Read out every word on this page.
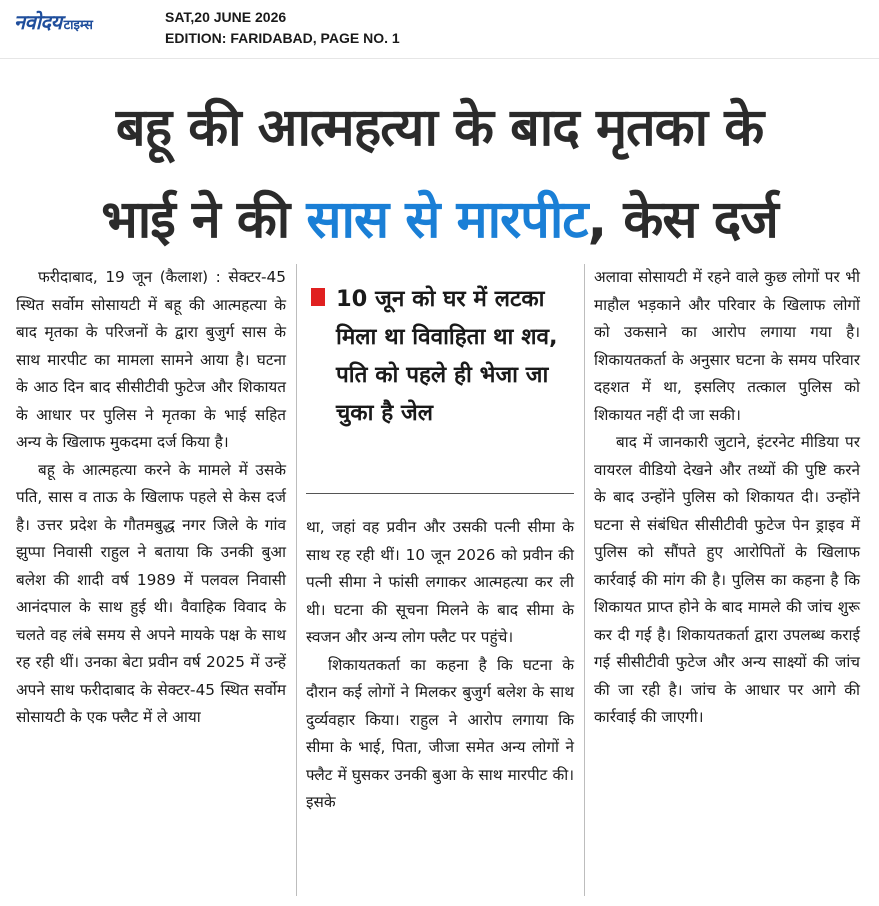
नवोदय टाइम्स
SAT,20 JUNE 2026
EDITION: FARIDABAD, PAGE NO. 1
बहू की आत्महत्या के बाद मृतका के
भाई ने की सास से मारपीट, केस दर्ज

फरीदाबाद, 19 जून (कैलाश) : सेक्टर-45 स्थित सर्वोम सोसायटी में बहू की आत्महत्या के बाद मृतका के परिजनों के द्वारा बुजुर्ग सास के साथ मारपीट का मामला सामने आया है। घटना के आठ दिन बाद सीसीटीवी फुटेज और शिकायत के आधार पर पुलिस ने मृतका के भाई सहित अन्य के खिलाफ मुकदमा दर्ज किया है।

बहू के आत्महत्या करने के मामले में उसके पति, सास व ताऊ के खिलाफ पहले से केस दर्ज है। उत्तर प्रदेश के गौतमबुद्ध नगर जिले के गांव झुप्पा निवासी राहुल ने बताया कि उनकी बुआ बलेश की शादी वर्ष 1989 में पलवल निवासी आनंदपाल के साथ हुई थी। वैवाहिक विवाद के चलते वह लंबे समय से अपने मायके पक्ष के साथ रह रही थीं। उनका बेटा प्रवीन वर्ष 2025 में उन्हें अपने साथ फरीदाबाद के सेक्टर-45 स्थित सर्वोम सोसायटी के एक फ्लैट में ले आया

10 जून को घर में लटका मिला था विवाहिता था शव, पति को पहले ही भेजा जा चुका है जेल

था, जहां वह प्रवीन और उसकी पत्नी सीमा के साथ रह रही थीं। 10 जून 2026 को प्रवीन की पत्नी सीमा ने फांसी लगाकर आत्महत्या कर ली थी। घटना की सूचना मिलने के बाद सीमा के स्वजन और अन्य लोग फ्लैट पर पहुंचे।

शिकायतकर्ता का कहना है कि घटना के दौरान कई लोगों ने मिलकर बुजुर्ग बलेश के साथ दुर्व्यवहार किया। राहुल ने आरोप लगाया कि सीमा के भाई, पिता, जीजा समेत अन्य लोगों ने फ्लैट में घुसकर उनकी बुआ के साथ मारपीट की। इसके

अलावा सोसायटी में रहने वाले कुछ लोगों पर भी माहौल भड़काने और परिवार के खिलाफ लोगों को उकसाने का आरोप लगाया गया है। शिकायतकर्ता के अनुसार घटना के समय परिवार दहशत में था, इसलिए तत्काल पुलिस को शिकायत नहीं दी जा सकी।

बाद में जानकारी जुटाने, इंटरनेट मीडिया पर वायरल वीडियो देखने और तथ्यों की पुष्टि करने के बाद उन्होंने पुलिस को शिकायत दी। उन्होंने घटना से संबंधित सीसीटीवी फुटेज पेन ड्राइव में पुलिस को सौंपते हुए आरोपितों के खिलाफ कार्रवाई की मांग की है। पुलिस का कहना है कि शिकायत प्राप्त होने के बाद मामले की जांच शुरू कर दी गई है। शिकायतकर्ता द्वारा उपलब्ध कराई गई सीसीटीवी फुटेज और अन्य साक्ष्यों की जांच की जा रही है। जांच के आधार पर आगे की कार्रवाई की जाएगी।
